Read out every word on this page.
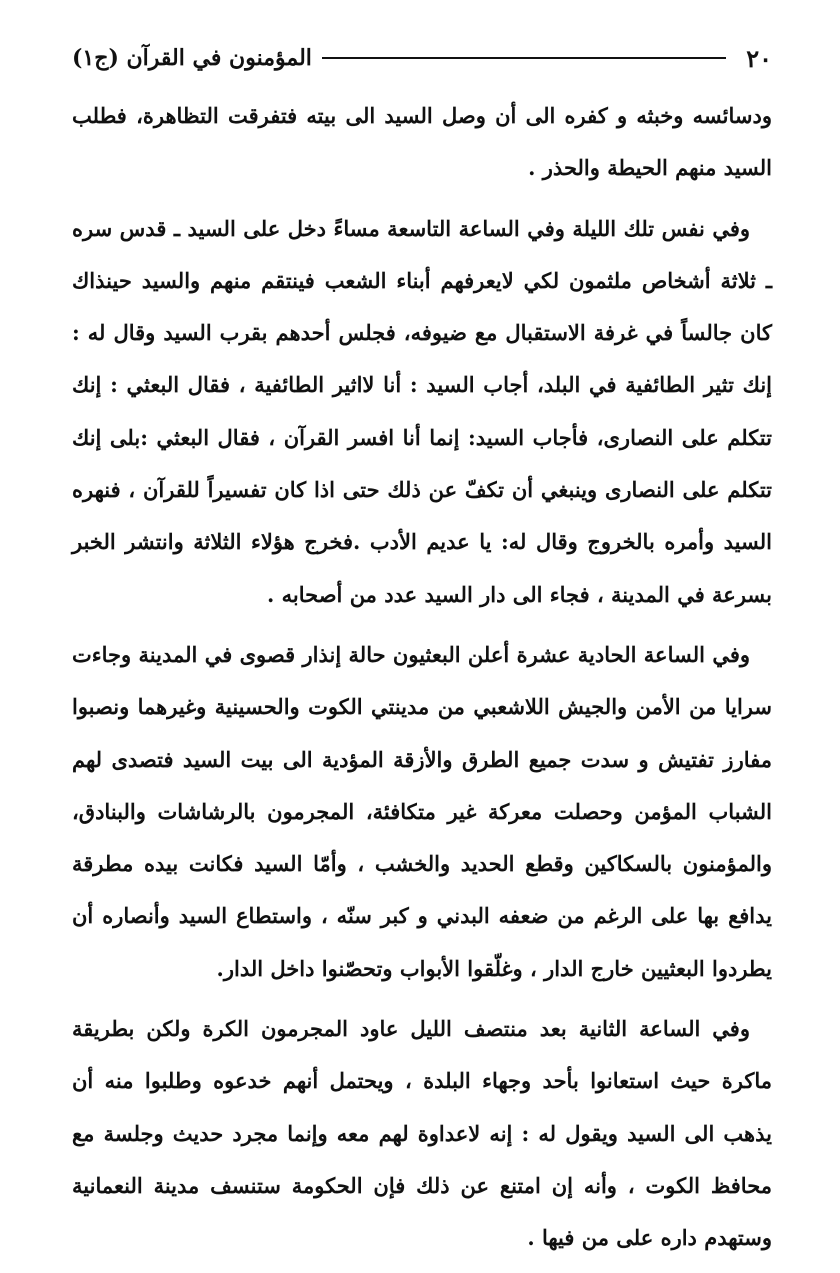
٢٠
المؤمنون في القرآن (ج١)

ودسائسه وخبثه و كفره الى أن وصل السيد الى بيته فتفرقت التظاهرة، فطلب السيد منهم الحيطة والحذر .

وفي نفس تلك الليلة وفي الساعة التاسعة مساءً دخل على السيد ـ قدس سره ـ ثلاثة أشخاص ملثمون لكي لايعرفهم أبناء الشعب فينتقم منهم والسيد حينذاك كان جالساً في غرفة الاستقبال مع ضيوفه، فجلس أحدهم بقرب السيد وقال له : إنك تثير الطائفية في البلد، أجاب السيد : أنا لااثير الطائفية ، فقال البعثي : إنك تتكلم على النصارى، فأجاب السيد: إنما أنا افسر القرآن ، فقال البعثي :بلى إنك تتكلم على النصارى وينبغي أن تكفّ عن ذلك حتى اذا كان تفسيراً للقرآن ، فنهره السيد وأمره بالخروج وقال له: يا عديم الأدب .فخرج هؤلاء الثلاثة وانتشر الخبر بسرعة في المدينة ، فجاء الى دار السيد عدد من أصحابه .

وفي الساعة الحادية عشرة أعلن البعثيون حالة إنذار قصوى في المدينة وجاءت سرايا من الأمن والجيش اللاشعبي من مدينتي الكوت والحسينية وغيرهما ونصبوا مفارز تفتيش و سدت جميع الطرق والأزقة المؤدية الى بيت السيد فتصدى لهم الشباب المؤمن وحصلت معركة غير متكافئة، المجرمون بالرشاشات والبنادق، والمؤمنون بالسكاكين وقطع الحديد والخشب ، وأمّا السيد فكانت بيده مطرقة يدافع بها على الرغم من ضعفه البدني و كبر سنّه ، واستطاع السيد وأنصاره أن يطردوا البعثيين خارج الدار ، وغلّقوا الأبواب وتحصّنوا داخل الدار.

وفي الساعة الثانية بعد منتصف الليل عاود المجرمون الكرة ولكن بطريقة ماكرة حيث استعانوا بأحد وجهاء البلدة ، ويحتمل أنهم خدعوه وطلبوا منه أن يذهب الى السيد ويقول له : إنه لاعداوة لهم معه وإنما مجرد حديث وجلسة مع محافظ الكوت ، وأنه إن امتنع عن ذلك فإن الحكومة ستنسف مدينة النعمانية وستهدم داره على من فيها .
